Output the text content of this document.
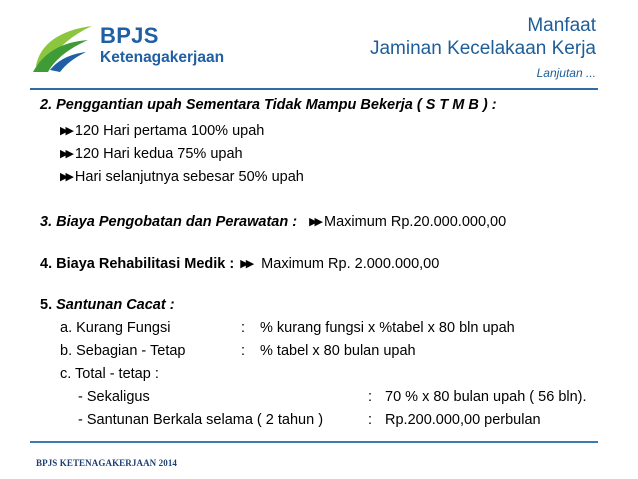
BPJS
Ketenagakerjaan
Manfaat
Jaminan Kecelakaan Kerja
Lanjutan ...
2. Penggantian upah Sementara Tidak Mampu Bekerja ( S T M B ) :
▶▶ 120 Hari pertama 100% upah
▶▶ 120 Hari kedua 75% upah
▶▶ Hari selanjutnya sebesar 50% upah
3. Biaya Pengobatan dan Perawatan : ▶▶ Maximum Rp.20.000.000,00
4. Biaya Rehabilitasi Medik : ▶▶ Maximum Rp. 2.000.000,00
5. Santunan Cacat :
a. Kurang Fungsi	: % kurang fungsi x %tabel x 80 bln upah
b. Sebagian - Tetap	: % tabel x 80 bulan upah
c. Total - tetap :
- Sekaligus	: 70 % x 80 bulan upah ( 56 bln).
- Santunan Berkala selama ( 2 tahun )	: Rp.200.000,00 perbulan
BPJS KETENAGAKERJAAN 2014
